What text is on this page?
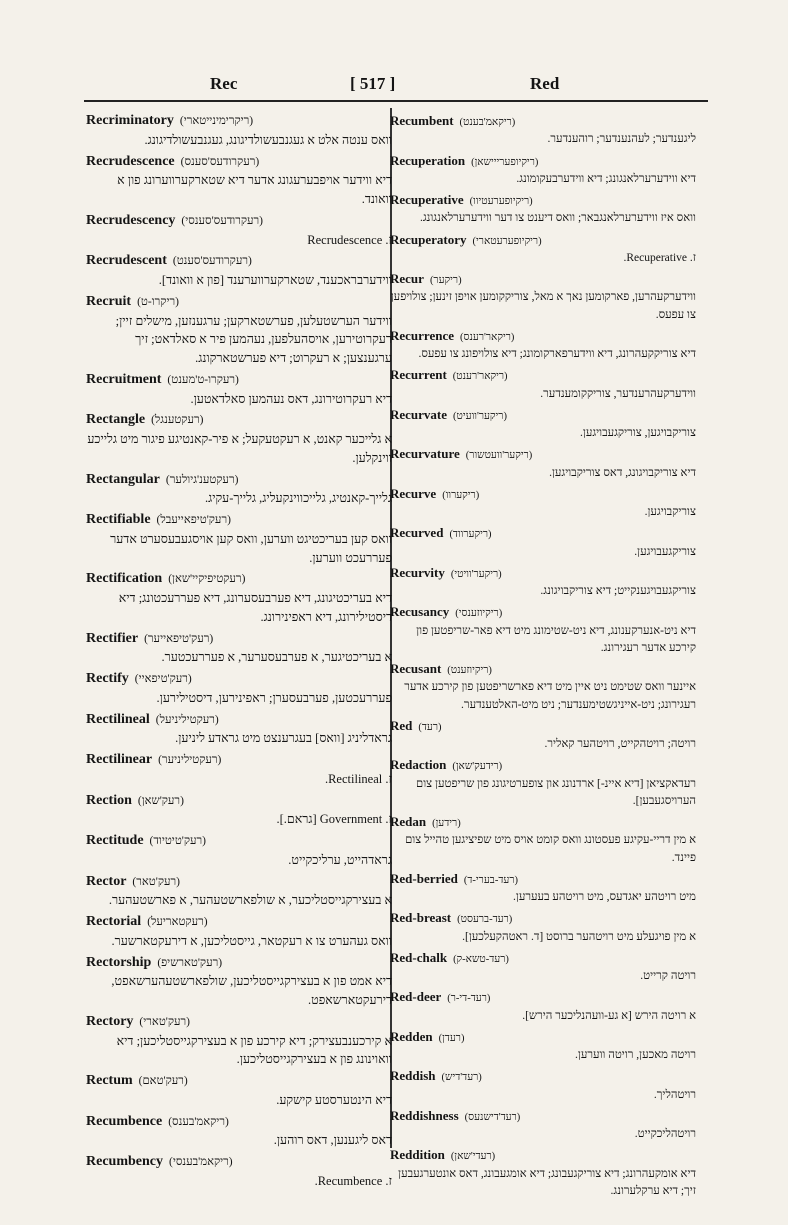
Rec	[ 517 ]	Red
Recriminatory (ריקרימינייטארי)
וואס ענטה אלט א געגנבעשולדיגונג, געגנבעשולדיגונג.
Recrudescence (רעקרודעס'סענס)
דיא ווידער אויפבערעגונג אדער דיא שטארקערווערונג פון א וואונד.
Recrudescency (רעקרודעס'סענסי)
ז. Recrudescence
Recrudescent (רעקרודעס'סענט)
ווידערבראכענד, שטארקערווערענד [פון א וואונד].
Recruit (ריקרו-ט)
ווידער הערשטעלען, פערשטארקען; ערגענזען, מישלים זיין; רעקרוטירען, אויסהעלפען, נעהמען פיר א סאלדאט; זיך ערגענצען; א רעקרוט; דיא פערשטארקונג.
Recruitment (רעקרו-ט'מענט)
דיא רעקרוטירונג, דאס נעהמען סאלדאטען.
Rectangle (רעקטענגל)
א גלייכער קאנט, א רעקטעקעל; א פיר-קאנטיגע פיגור מיט גלייכע ווינקלען.
Rectangular (רעקטענ'גיולער)
גלייך-קאנטיג, גלייכווינקעליג, גלייך-עקיג.
Rectifiable (רעק'טיפאייעבל)
וואס קען בעריכטיגט ווערען, וואס קען אויסגעבעסערט אדער פעררעכט ווערען.
Rectification (רעקטיפיקיי'שאן)
דיא בעריכטיגונג, דיא פערבעסערונג, דיא פעררעכטונג; דיא דיסטילירונג, דיא ראפינירונג.
Rectifier (רעק'טיפאייער)
א בעריכטיגער, א פערבעסערער, א פעררעכטער.
Rectify (רעק'טיפאיי)
פעררעכטען, פערבעסערן; ראפינירען, דיסטילירען.
Rectilineal (רעקטיליניעל)
גראדליניג [וואס] בעגרענצט מיט גראדע ליניען.
Rectilinear (רעקטיליניער)
ז. Rectilineal.
Rection (רעק'שאן)
ז. Government [גראם.].
Rectitude (רעק'טיטיוד)
גראדהייט, ערליכקייט.
Rector (רעק'טאר)
א בעצירקגייסטליכער, א שולפארשטעהער, א פארשטעהער.
Rectorial (רעקטאריעל)
וואס געהערט צו א רעקטאר, גייסטליכען, א דירעקטארשער.
Rectorship (רעק'טארשיפ)
דיא אמט פון א בעצירקגייסטליכען, שולפארשטעהערשאפט, דירעקטארשאפט.
Rectory (רעק'טארי)
א קירכענבעצירק; דיא קירכע פון א בעצירקגייסטליכען; דיא וואוינונג פון א בעצירקגייסטליכען.
Rectum (רעק'טאם)
דיא הינטערסטע קישקע.
Recumbence (ריקאמ'בענס)
דאס ליגענען, דאס רוהען.
Recumbency (ריקאמ'בענסי)
ז. Recumbence.
Recumbent (ריקאמ'בענט)
ליגענדער; לעהנענדער; רוהענדער.
Recuperation (ריקיופערייישאן)
דיא ווידערערלאנגונג; דיא ווידערבעקומונג.
Recuperative (ריקיופערעטיוו)
וואס איז ווידערערלאנגבאר; וואס דיענט צו דער ווידערערלאנגונג.
Recuperatory (ריקיופערעטארי)
ז. Recuperative.
Recur (ריקער)
ווידערקעהרען, פארקומען נאך א מאל, צוריקקומען אויפן זינען; צולויפען צו עפעס.
Recurrence (ריקאר'רענס)
דיא צוריקקעהרונג, דיא ווידערפארקומונג; דיא צולויפונג צו עפעס.
Recurrent (ריקאר'רענט)
ווידערקעהרענדער, צוריקקומענדער.
Recurvate (ריקער'וועיט)
צוריקבויגען, צוריקגעבויגען.
Recurvature (ריקער'וועטשור)
דיא צוריקבויגונג, דאס צוריקבויגען.
Recurve (ריקערוו)
צוריקבויגען.
Recurved (ריקערווד)
צוריקגעבויגען.
Recurvity (ריקער'וויטי)
צוריקגעבויגענקייט; דיא צוריקבויגונג.
Recusancy (ריקיוזענסי)
דיא ניט-אנערקענונג, דיא ניט-שטימונג מיט דיא פאר-שריפטען פון קירכע אדער רעגירונג.
Recusant (ריקיוזענט)
איינער וואס שטימט ניט איין מיט דיא פארשריפטען פון קירכע אדער רעגירונג; ניט-אייניגשטימענדער; ניט מיט-האלטענדער.
Red (רעד)
רויטה; רויטהקייט, רויטהער קאליר.
Redaction (רידעק'שאן)
רעדאקציאן [דיא איינ-] ארדנונג און צופערטיגונג פון שריפטען צום הערויסגעבען].
Redan (רידען)
א מין דריי-עקיגע פעסטונג וואס קומט אויס מיט שפיציגען טהייל צום פיינד.
Red-berried (רעד-בערי-ד)
מיט רויטהע יאגדעס, מיט רויטהע בעערען.
Red-breast (רעד-ברעסט)
א מין פויגעלע מיט רויטהער ברוסט [ד. ראטהקעלכען].
Red-chalk (רעד-טשא-ק)
רויטה קרייט.
Red-deer (רעד-די-ר)
א רויטה הירש [א גע-וועהנליכער הירש].
Redden (רעדן)
רויטה מאכען, רויטה ווערען.
Reddish (רעד'דיש)
רויטהליך.
Reddishness (רעד'דישנעס)
רויטהליכקייט.
Reddition (רעדי'שאן)
דיא אומקעהרונג; דיא צוריקגעבונג; דיא אומגעבונג, דאס אונטערגעבען זיך; דיא ערקלערונג.
